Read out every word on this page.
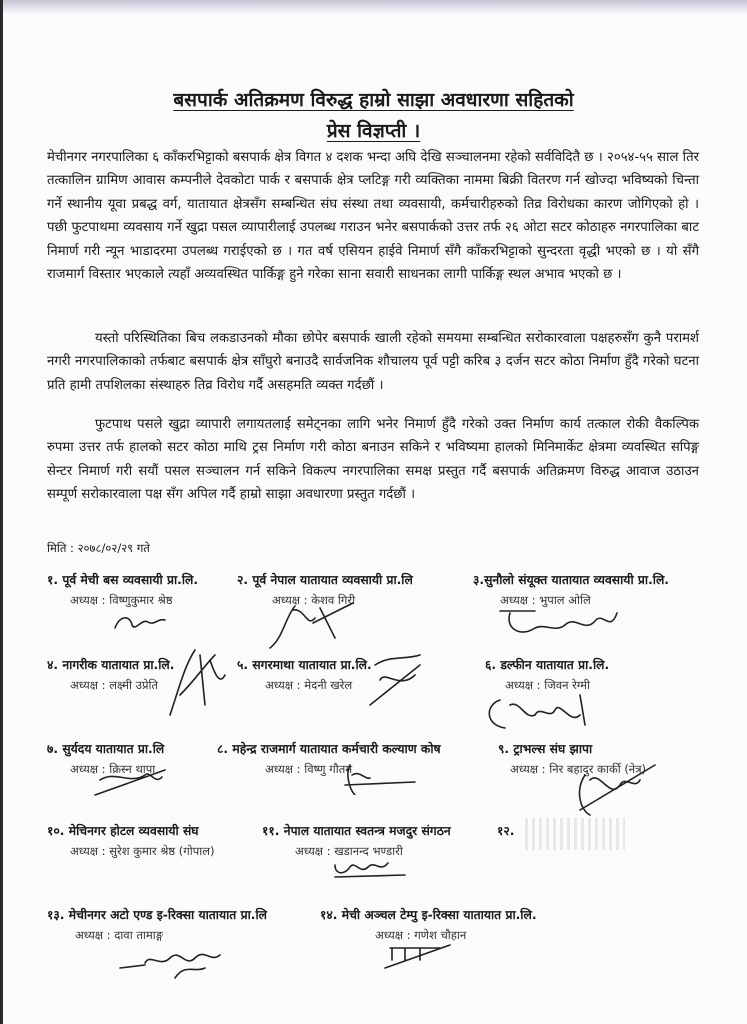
बसपार्क अतिक्रमण विरुद्ध हाम्रो साझा अवधारणा सहितको
प्रेस विज्ञप्ती ।
मेचीनगर नगरपालिका ६ काँकरभिट्टाको बसपार्क क्षेत्र विगत ४ दशक भन्दा अघि देखि सञ्चालनमा रहेको सर्वविदितै छ । २०५४-५५ साल तिर तत्कालिन ग्रामिण आवास कम्पनीले देवकोटा पार्क र बसपार्क क्षेत्र प्लटिङ्ग गरी व्यक्तिका नाममा बिक्री वितरण गर्न खोज्दा भविष्यको चिन्ता गर्ने स्थानीय यूवा प्रबद्ध वर्ग, यातायात क्षेत्रसँग सम्बन्धित संघ संस्था तथा व्यवसायी, कर्मचारीहरुको तिव्र विरोधका कारण जोगिएको हो । पछी फुटपाथमा व्यवसाय गर्ने खुद्रा पसल व्यापारीलाई उपलब्ध गराउन भनेर बसपार्कको उत्तर तर्फ २६ ओटा सटर कोठाहरु नगरपालिका बाट निमार्ण गरी न्यून भाडादरमा उपलब्ध गराईएको छ । गत वर्ष एसियन हाईवे निमार्ण सँगै काँकरभिट्टाको सुन्दरता वृद्धी भएको छ । यो सँगै राजमार्ग विस्तार भएकाले त्यहाँ अव्यवस्थित पार्किङ्ग हुने गरेका साना सवारी साधनका लागी पार्किङ्ग स्थल अभाव भएको छ ।
यस्तो परिस्थितिका बिच लकडाउनको मौका छोपेर बसपार्क खाली रहेको समयमा सम्बन्धित सरोकारवाला पक्षहरुसँग कुनै परामर्श नगरी नगरपालिकाको तर्फबाट बसपार्क क्षेत्र साँघुरो बनाउदै सार्वजनिक शौचालय पूर्व पट्टी करिब ३ दर्जन सटर कोठा निर्माण हुँदै गरेको घटना प्रति हामी तपशिलका संस्थाहरु तिव्र विरोध गर्दै असहमति व्यक्त गर्दछौं ।
फुटपाथ पसले खुद्रा व्यापारी लगायतलाई समेट्नका लागि भनेर निमार्ण हुँदै गरेको उक्त निर्माण कार्य तत्काल रोकी वैकल्पिक रुपमा उत्तर तर्फ हालको सटर कोठा माथि ट्रस निर्माण गरी कोठा बनाउन सकिने र भविष्यमा हालको मिनिमार्केट क्षेत्रमा व्यवस्थित सपिङ्ग सेन्टर निमार्ण गरी सयौं पसल सञ्चालन गर्न सकिने विकल्प नगरपालिका समक्ष प्रस्तुत गर्दै बसपार्क अतिक्रमण विरुद्ध आवाज उठाउन सम्पूर्ण सरोकारवाला पक्ष सँग अपिल गर्दै हाम्रो साझा अवधारणा प्रस्तुत गर्दछौं ।
मिति : २०७८/०२/२९ गते
१. पूर्व मेची बस व्यवसायी प्रा.लि.
अध्यक्ष : विष्णुकुमार श्रेष्ठ
२. पूर्व नेपाल यातायात व्यवसायी प्रा.लि
अध्यक्ष : केशव गिरी
३.सुनौलो संयूक्त यातायात व्यवसायी प्रा.लि.
अध्यक्ष : भुपाल ओलि
४. नागरीक यातायात प्रा.लि.
अध्यक्ष : लक्ष्मी उप्रेति
५. सगरमाथा यातायात प्रा.लि.
अध्यक्ष : मेदनी खरेल
६. डल्फीन यातायात प्रा.लि.
अध्यक्ष : जिवन रेग्मी
७. सुर्यदय यातायात प्रा.लि
अध्यक्ष : क्रिस्न थापा
८. महेन्द्र राजमार्ग यातायात कर्मचारी कल्याण कोष
अध्यक्ष : विष्णु गौतम
९. ट्राभल्स संघ झापा
अध्यक्ष : निर बहादुर कार्की (नेत्र)
१०. मेचिनगर होटल व्यवसायी संघ
अध्यक्ष : सुरेश कुमार श्रेष्ठ (गोपाल)
११. नेपाल यातायात स्वतन्त्र मजदुर संगठन
अध्यक्ष : खडानन्द भण्डारी
१२.
१३. मेचीनगर अटो एण्ड इ-रिक्सा यातायात प्रा.लि
अध्यक्ष : दावा तामाङ्ग
१४. मेची अञ्चल टेम्पु इ-रिक्सा यातायात प्रा.लि.
अध्यक्ष : गणेश चौहान
